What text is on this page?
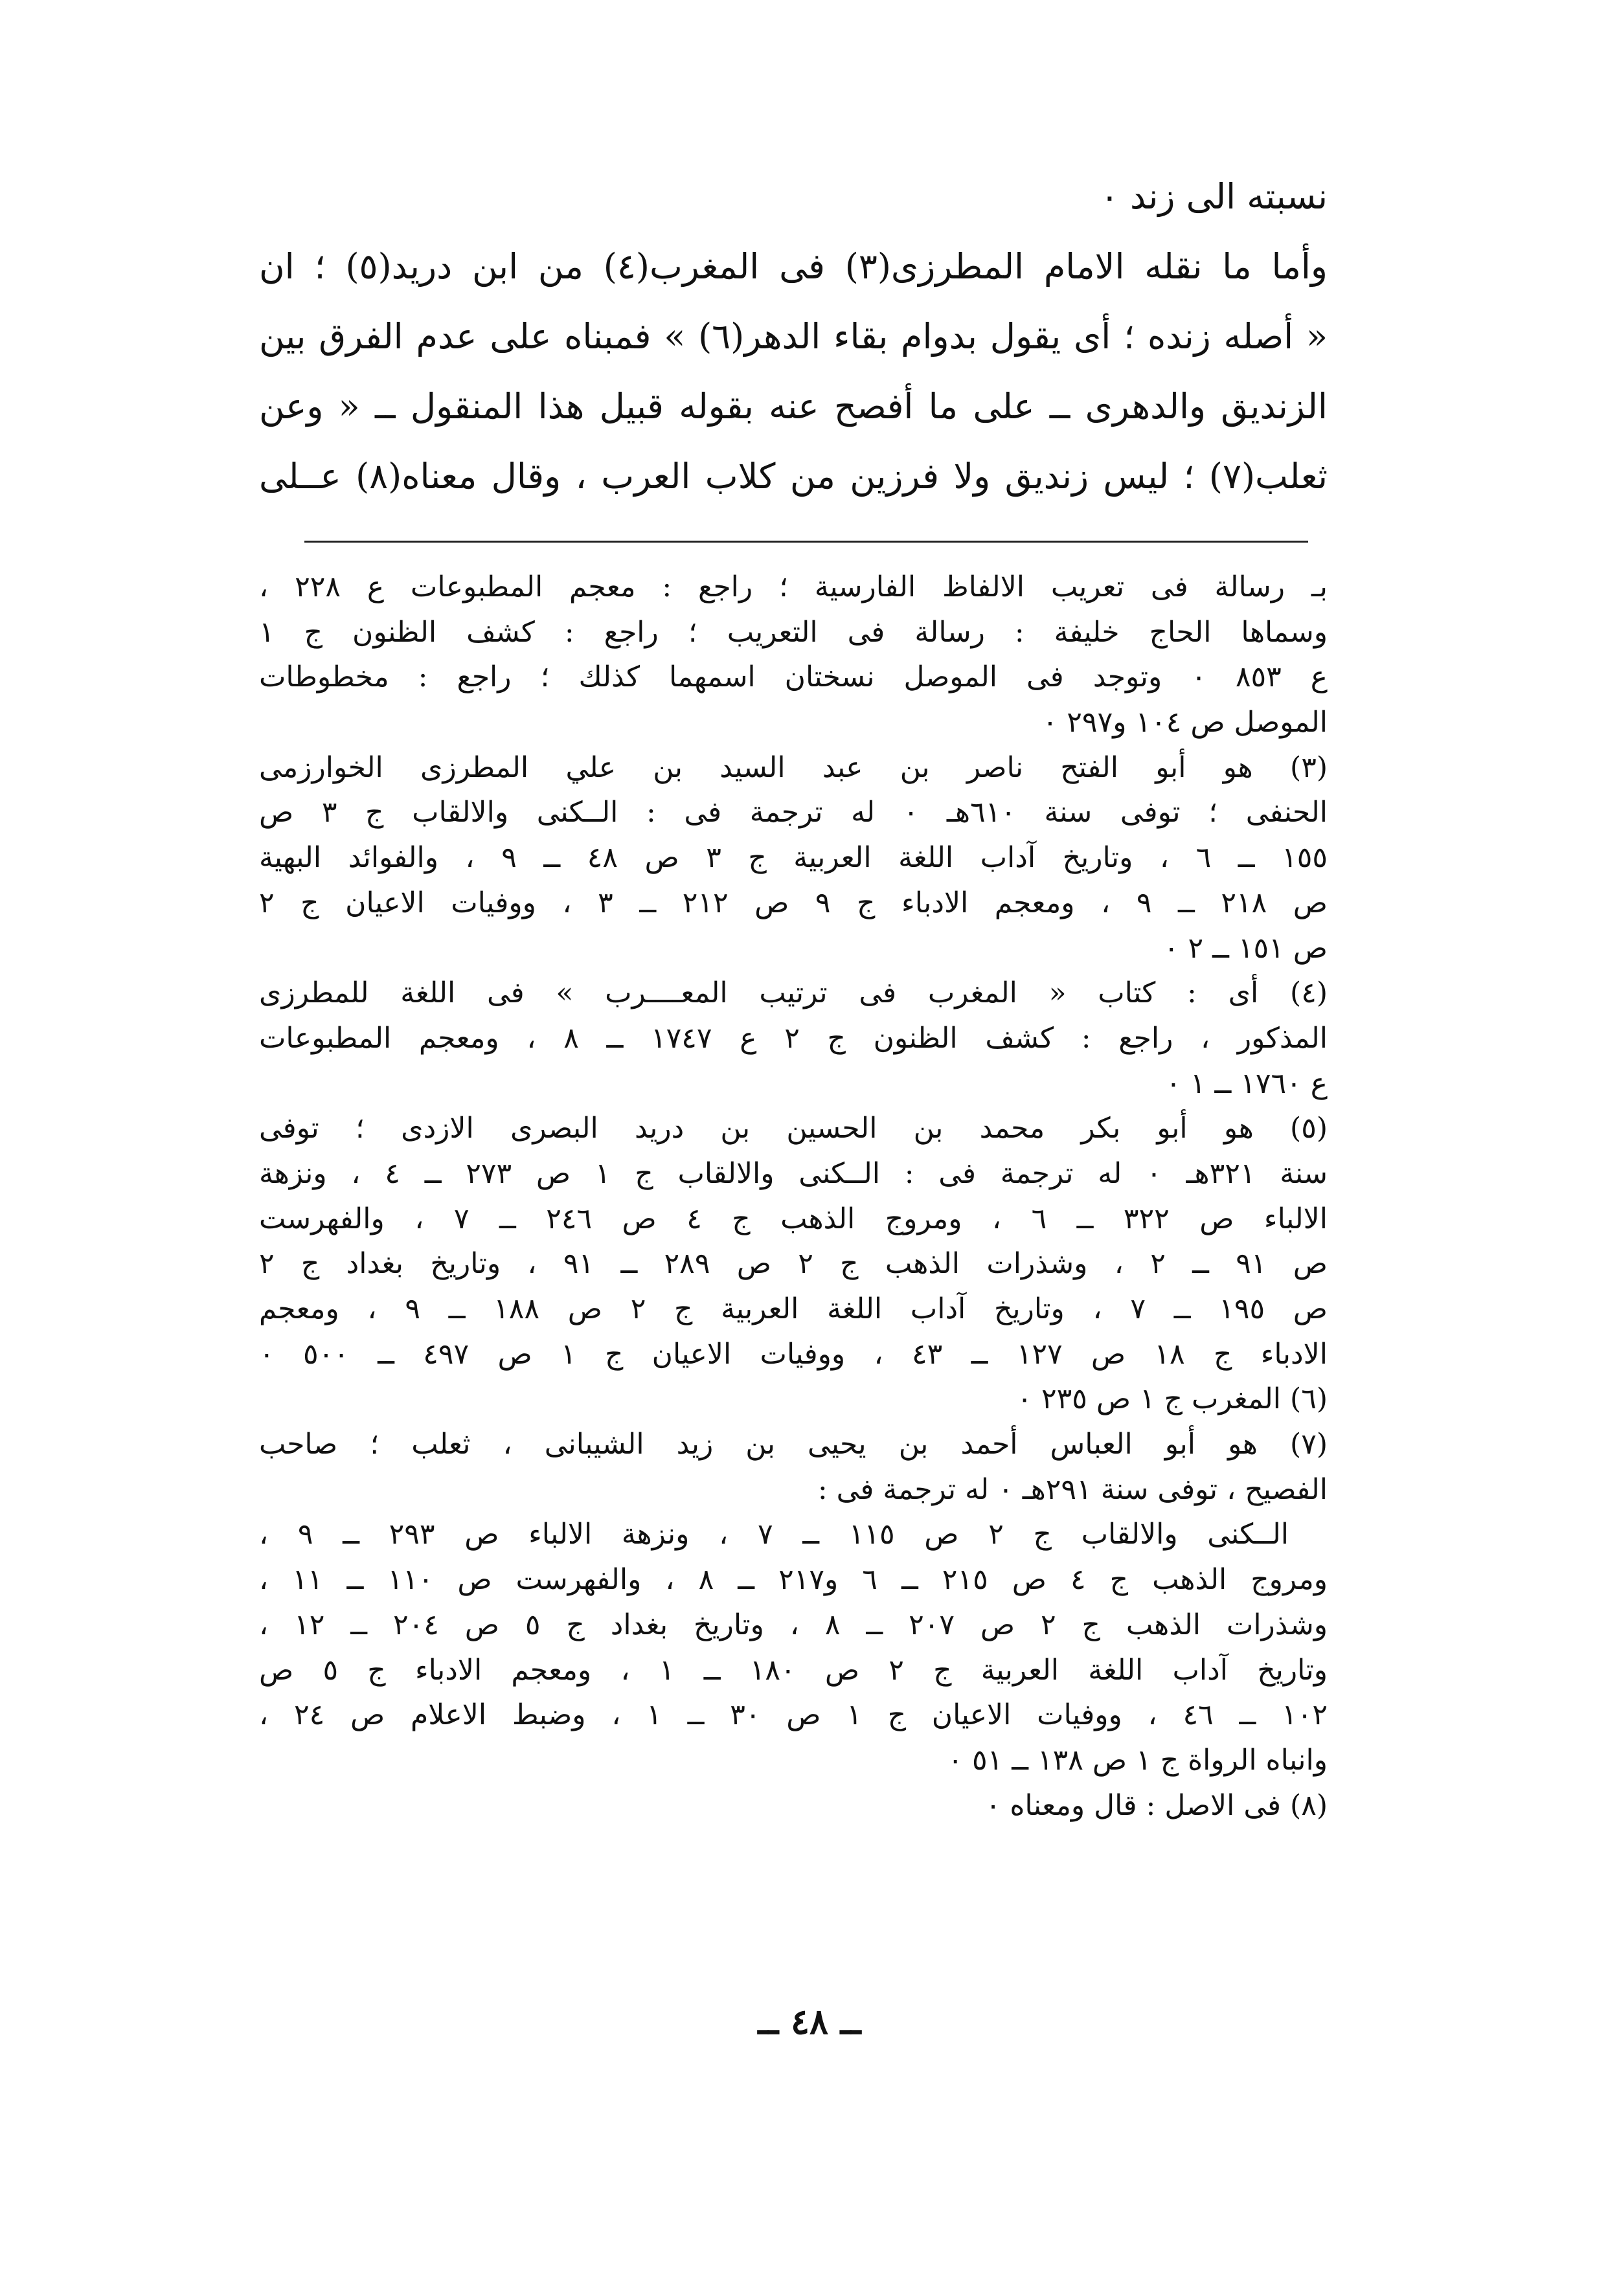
نسبته الى زند ٠
وأما ما نقله الامام المطرزى(٣) فى المغرب(٤) من ابن دريد(٥) ؛ ان
« أصله زنده ؛ أى يقول بدوام بقاء الدهر(٦) » فمبناه على عدم الفرق بين
الزنديق والدهرى ــ على ما أفصح عنه بقوله قبيل هذا المنقول ــ « وعن
ثعلب(٧) ؛ ليس زنديق ولا فرزين من كلاب العرب ، وقال معناه(٨) عــلى
بـ رسالة فى تعريب الالفاظ الفارسية ؛ راجع : معجم المطبوعات ع ٢٢٨ ،
وسماها الحاج خليفة : رسالة فى التعريب ؛ راجع : كشف الظنون ج ١
ع ٨٥٣ ٠ وتوجد فى الموصل نسختان اسمهما كذلك ؛ راجع : مخطوطات
الموصل ص ١٠٤ و٢٩٧ ٠
(٣) هو أبو الفتح ناصر بن عبد السيد بن علي المطرزى الخوارزمى
الحنفى ؛ توفى سنة ٦١٠هـ ٠ له ترجمة فى : الــكنى والالقاب ج ٣ ص
١٥٥ ــ ٦ ، وتاريخ آداب اللغة العربية ج ٣ ص ٤٨ ــ ٩ ، والفوائد البهية
ص ٢١٨ ــ ٩ ، ومعجم الادباء ج ٩ ص ٢١٢ ــ ٣ ، ووفيات الاعيان ج ٢
ص ١٥١ ــ ٢ ٠
(٤) أى : كتاب « المغرب فى ترتيب المعــــرب » فى اللغة للمطرزى
المذكور ، راجع : كشف الظنون ج ٢ ع ١٧٤٧ ــ ٨ ، ومعجم المطبوعات
ع ١٧٦٠ ــ ١ ٠
(٥) هو أبو بكر محمد بن الحسين بن دريد البصرى الازدى ؛ توفى
سنة ٣٢١هـ ٠ له ترجمة فى : الــكنى والالقاب ج ١ ص ٢٧٣ ــ ٤ ، ونزهة
الالباء ص ٣٢٢ ــ ٦ ، ومروج الذهب ج ٤ ص ٢٤٦ ــ ٧ ، والفهرست
ص ٩١ ــ ٢ ، وشذرات الذهب ج ٢ ص ٢٨٩ ــ ٩١ ، وتاريخ بغداد ج ٢
ص ١٩٥ ــ ٧ ، وتاريخ آداب اللغة العربية ج ٢ ص ١٨٨ ــ ٩ ، ومعجم
الادباء ج ١٨ ص ١٢٧ ــ ٤٣ ، ووفيات الاعيان ج ١ ص ٤٩٧ ــ ٥٠٠ ٠
(٦) المغرب ج ١ ص ٢٣٥ ٠
(٧) هو أبو العباس أحمد بن يحيى بن زيد الشيبانى ، ثعلب ؛ صاحب
الفصيح ، توفى سنة ٢٩١هـ ٠ له ترجمة فى :
الــكنى والالقاب ج ٢ ص ١١٥ ــ ٧ ، ونزهة الالباء ص ٢٩٣ ــ ٩ ،
ومروج الذهب ج ٤ ص ٢١٥ ــ ٦ و٢١٧ ــ ٨ ، والفهرست ص ١١٠ ــ ١١ ،
وشذرات الذهب ج ٢ ص ٢٠٧ ــ ٨ ، وتاريخ بغداد ج ٥ ص ٢٠٤ ــ ١٢ ،
وتاريخ آداب اللغة العربية ج ٢ ص ١٨٠ ــ ١ ، ومعجم الادباء ج ٥ ص
١٠٢ ــ ٤٦ ، ووفيات الاعيان ج ١ ص ٣٠ ــ ١ ، وضبط الاعلام ص ٢٤ ،
وانباه الرواة ج ١ ص ١٣٨ ــ ٥١ ٠
(٨) فى الاصل : قال ومعناه ٠
ــ ٤٨ ــ
